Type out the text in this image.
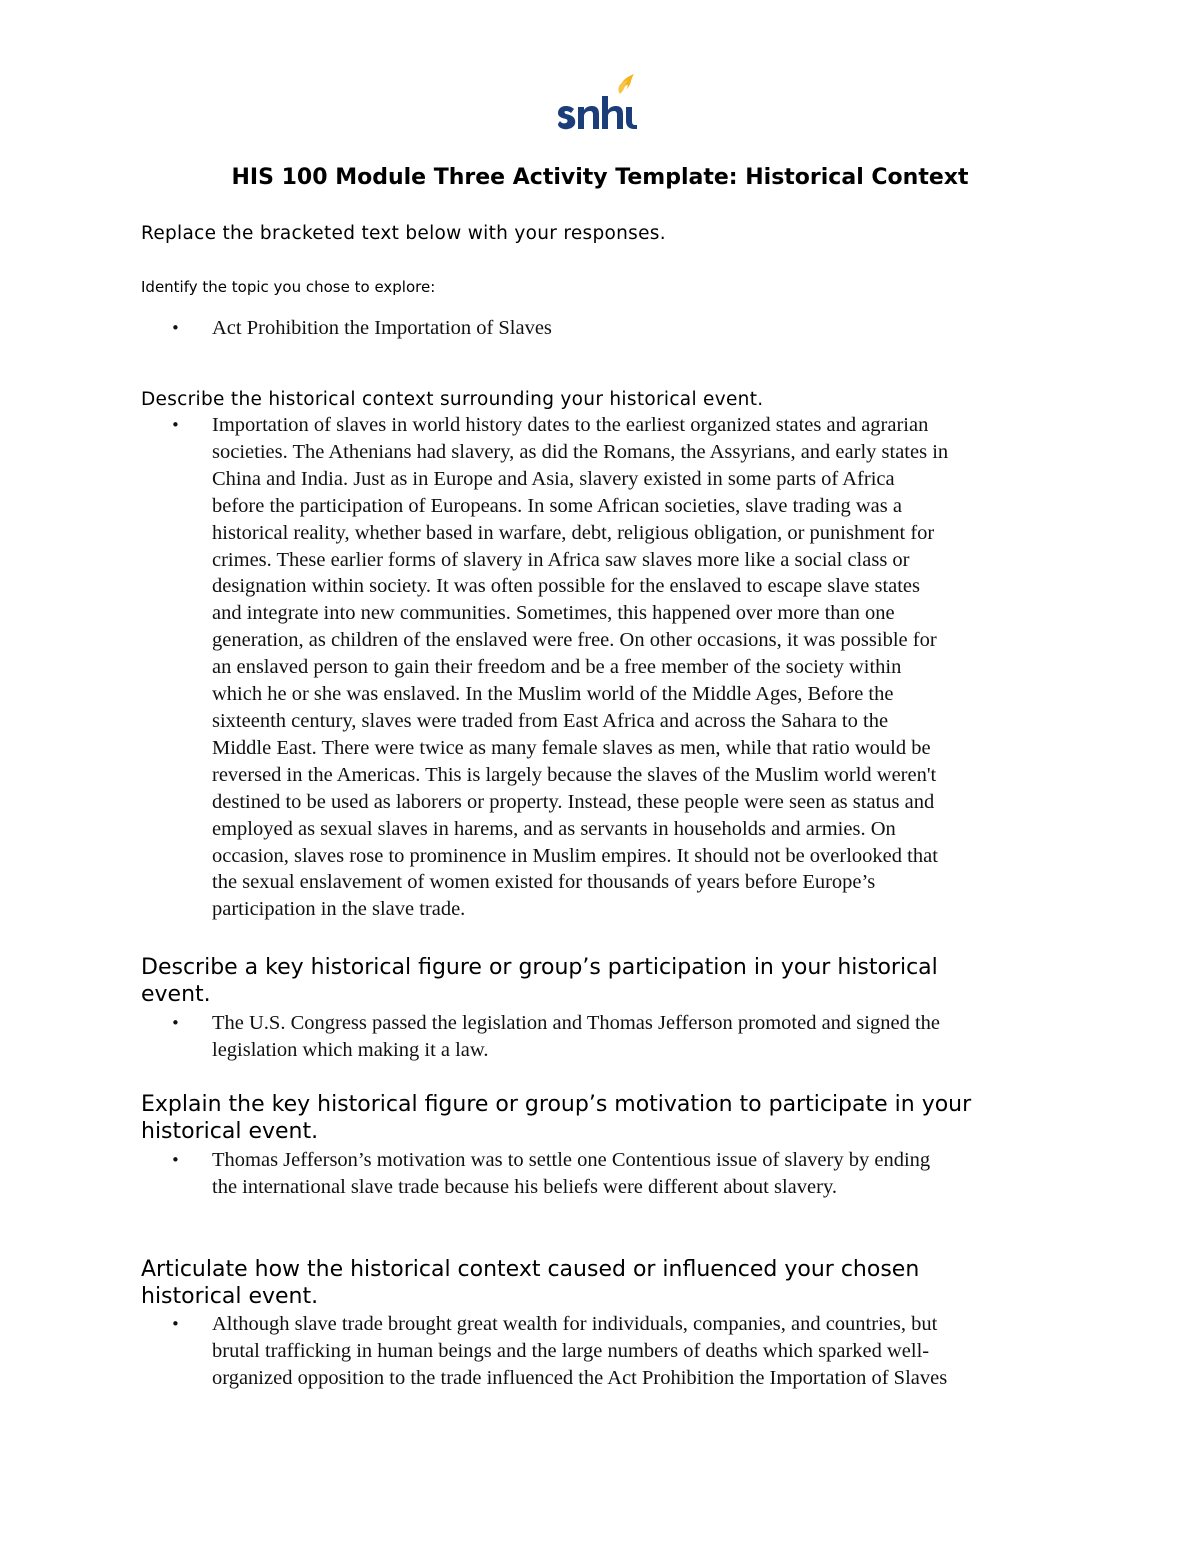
HIS 100 Module Three Activity Template: Historical Context

Replace the bracketed text below with your responses.

Identify the topic you chose to explore:

• Act Prohibition the Importation of Slaves

Describe the historical context surrounding your historical event.

• Importation of slaves in world history dates to the earliest organized states and agrarian
societies. The Athenians had slavery, as did the Romans, the Assyrians, and early states in
China and India. Just as in Europe and Asia, slavery existed in some parts of Africa
before the participation of Europeans. In some African societies, slave trading was a
historical reality, whether based in warfare, debt, religious obligation, or punishment for
crimes. These earlier forms of slavery in Africa saw slaves more like a social class or
designation within society. It was often possible for the enslaved to escape slave states
and integrate into new communities. Sometimes, this happened over more than one
generation, as children of the enslaved were free. On other occasions, it was possible for
an enslaved person to gain their freedom and be a free member of the society within
which he or she was enslaved. In the Muslim world of the Middle Ages, Before the
sixteenth century, slaves were traded from East Africa and across the Sahara to the
Middle East. There were twice as many female slaves as men, while that ratio would be
reversed in the Americas. This is largely because the slaves of the Muslim world weren't
destined to be used as laborers or property. Instead, these people were seen as status and
employed as sexual slaves in harems, and as servants in households and armies. On
occasion, slaves rose to prominence in Muslim empires. It should not be overlooked that
the sexual enslavement of women existed for thousands of years before Europe’s
participation in the slave trade.
Describe a key historical figure or group’s participation in your historical
event.
• The U.S. Congress passed the legislation and Thomas Jefferson promoted and signed the
legislation which making it a law.
Explain the key historical figure or group’s motivation to participate in your
historical event.
• Thomas Jefferson’s motivation was to settle one Contentious issue of slavery by ending
the international slave trade because his beliefs were different about slavery.
Articulate how the historical context caused or influenced your chosen
historical event.
• Although slave trade brought great wealth for individuals, companies, and countries, but
brutal trafficking in human beings and the large numbers of deaths which sparked well-
organized opposition to the trade influenced the Act Prohibition the Importation of Slaves
